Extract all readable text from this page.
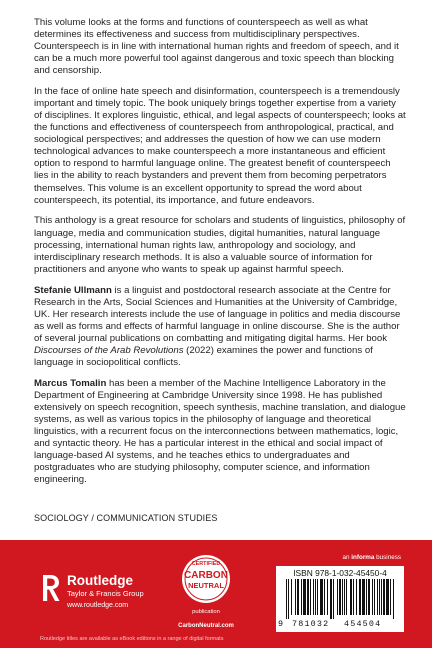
This volume looks at the forms and functions of counterspeech as well as what determines its effectiveness and success from multidisciplinary perspectives. Counterspeech is in line with international human rights and freedom of speech, and it can be a much more powerful tool against dangerous and toxic speech than blocking and censorship.

In the face of online hate speech and disinformation, counterspeech is a tremendously important and timely topic. The book uniquely brings together expertise from a variety of disciplines. It explores linguistic, ethical, and legal aspects of counterspeech; looks at the functions and effectiveness of counterspeech from anthropological, practical, and sociological perspectives; and addresses the question of how we can use modern technological advances to make counterspeech a more instantaneous and efficient option to respond to harmful language online. The greatest benefit of counterspeech lies in the ability to reach bystanders and prevent them from becoming perpetrators themselves. This volume is an excellent opportunity to spread the word about counterspeech, its potential, its importance, and future endeavors.

This anthology is a great resource for scholars and students of linguistics, philosophy of language, media and communication studies, digital humanities, natural language processing, international human rights law, anthropology and sociology, and interdisciplinary research methods. It is also a valuable source of information for practitioners and anyone who wants to speak up against harmful speech.

Stefanie Ullmann is a linguist and postdoctoral research associate at the Centre for Research in the Arts, Social Sciences and Humanities at the University of Cambridge, UK. Her research interests include the use of language in politics and media discourse as well as forms and effects of harmful language in online discourse. She is the author of several journal publications on combatting and mitigating digital harms. Her book Discourses of the Arab Revolutions (2022) examines the power and functions of language in sociopolitical conflicts.

Marcus Tomalin has been a member of the Machine Intelligence Laboratory in the Department of Engineering at Cambridge University since 1998. He has published extensively on speech recognition, speech synthesis, machine translation, and dialogue systems, as well as various topics in the philosophy of language and theoretical linguistics, with a recurrent focus on the interconnections between mathematics, logic, and syntactic theory. He has a particular interest in the ethical and social impact of language-based AI systems, and he teaches ethics to undergraduates and postgraduates who are studying philosophy, computer science, and information engineering.

SOCIOLOGY / COMMUNICATION STUDIES
Routledge
Taylor & Francis Group
www.routledge.com
CERTIFIED
CARBON
NEUTRAL
publication
CarbonNeutral.com
an informa business
ISBN 978-1-032-45450-4
9 781032 454504
Routledge titles are available as eBook editions in a range of digital formats
